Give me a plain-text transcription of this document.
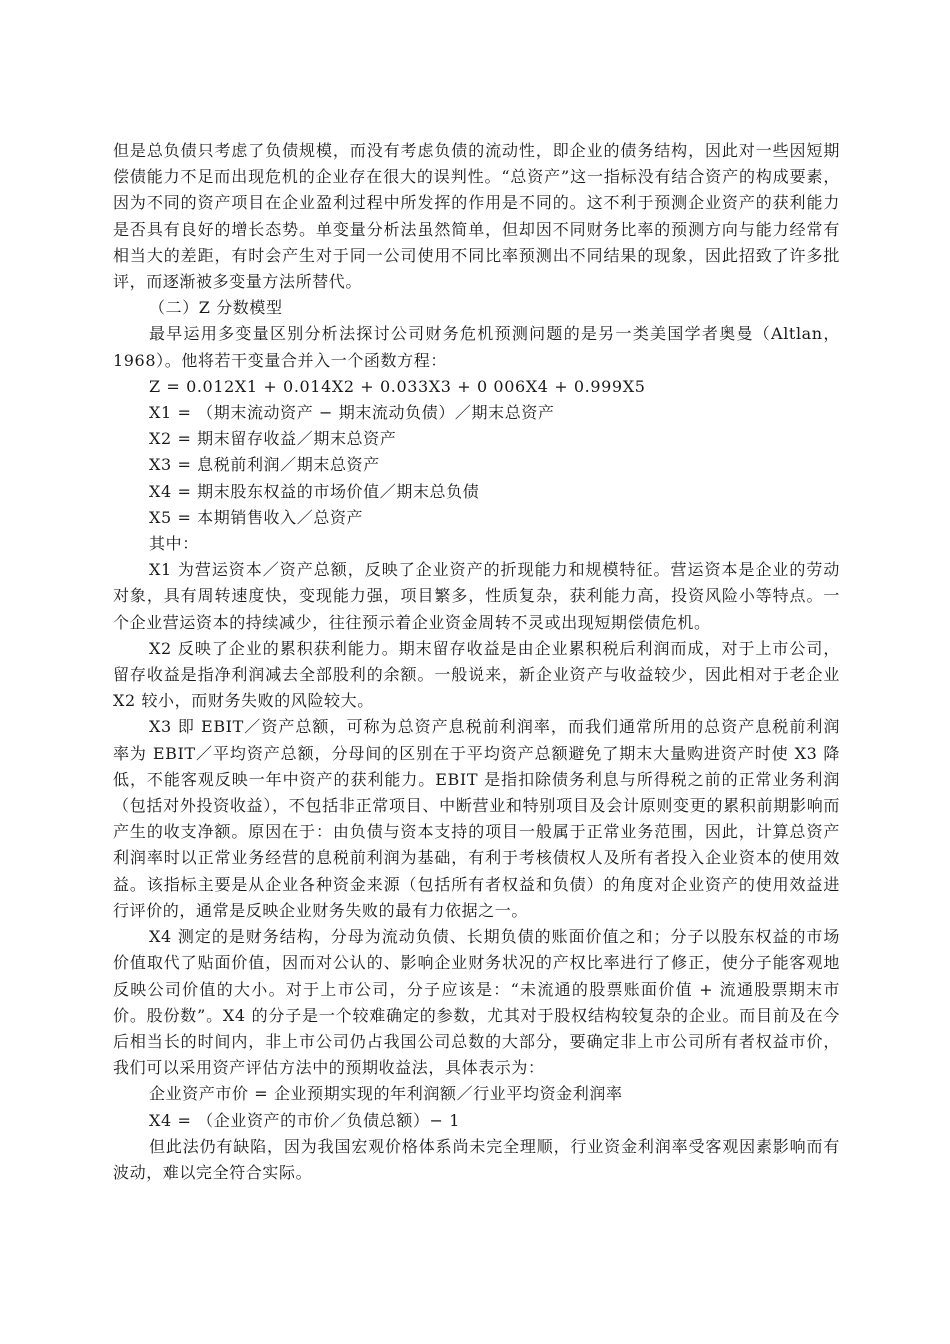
但是总负债只考虑了负债规模，而没有考虑负债的流动性，即企业的债务结构，因此对一些因短期偿债能力不足而出现危机的企业存在很大的误判性。“总资产”这一指标没有结合资产的构成要素，因为不同的资产项目在企业盈利过程中所发挥的作用是不同的。这不利于预测企业资产的获利能力是否具有良好的增长态势。单变量分析法虽然简单，但却因不同财务比率的预测方向与能力经常有相当大的差距，有时会产生对于同一公司使用不同比率预测出不同结果的现象，因此招致了许多批评，而逐渐被多变量方法所替代。

（二）Z 分数模型

最早运用多变量区别分析法探讨公司财务危机预测问题的是另一类美国学者奥曼（Altlan，1968）。他将若干变量合并入一个函数方程：

Z = 0.012X1 + 0.014X2 + 0.033X3 + 0 006X4 + 0.999X5

X1 = （期末流动资产 − 期末流动负债）／期末总资产

X2 = 期末留存收益／期末总资产

X3 = 息税前利润／期末总资产

X4 = 期末股东权益的市场价值／期末总负债

X5 = 本期销售收入／总资产

其中：

X1 为营运资本／资产总额，反映了企业资产的折现能力和规模特征。营运资本是企业的劳动对象，具有周转速度快，变现能力强，项目繁多，性质复杂，获利能力高，投资风险小等特点。一个企业营运资本的持续减少，往往预示着企业资金周转不灵或出现短期偿债危机。

X2 反映了企业的累积获利能力。期末留存收益是由企业累积税后利润而成，对于上市公司，留存收益是指净利润减去全部股利的余额。一般说来，新企业资产与收益较少，因此相对于老企业 X2 较小，而财务失败的风险较大。

X3 即 EBIT／资产总额，可称为总资产息税前利润率，而我们通常所用的总资产息税前利润率为 EBIT／平均资产总额，分母间的区别在于平均资产总额避免了期末大量购进资产时使 X3 降低，不能客观反映一年中资产的获利能力。EBIT 是指扣除债务利息与所得税之前的正常业务利润（包括对外投资收益），不包括非正常项目、中断营业和特别项目及会计原则变更的累积前期影响而产生的收支净额。原因在于：由负债与资本支持的项目一般属于正常业务范围，因此，计算总资产利润率时以正常业务经营的息税前利润为基础，有利于考核债权人及所有者投入企业资本的使用效益。该指标主要是从企业各种资金来源（包括所有者权益和负债）的角度对企业资产的使用效益进行评价的，通常是反映企业财务失败的最有力依据之一。

X4 测定的是财务结构，分母为流动负债、长期负债的账面价值之和；分子以股东权益的市场价值取代了贴面价值，因而对公认的、影响企业财务状况的产权比率进行了修正，使分子能客观地反映公司价值的大小。对于上市公司，分子应该是：“未流通的股票账面价值 + 流通股票期末市价。股份数”。X4 的分子是一个较难确定的参数，尤其对于股权结构较复杂的企业。而目前及在今后相当长的时间内，非上市公司仍占我国公司总数的大部分，要确定非上市公司所有者权益市价，我们可以采用资产评估方法中的预期收益法，具体表示为：

企业资产市价 = 企业预期实现的年利润额／行业平均资金利润率

X4 = （企业资产的市价／负债总额）− 1

但此法仍有缺陷，因为我国宏观价格体系尚未完全理顺，行业资金利润率受客观因素影响而有波动，难以完全符合实际。
